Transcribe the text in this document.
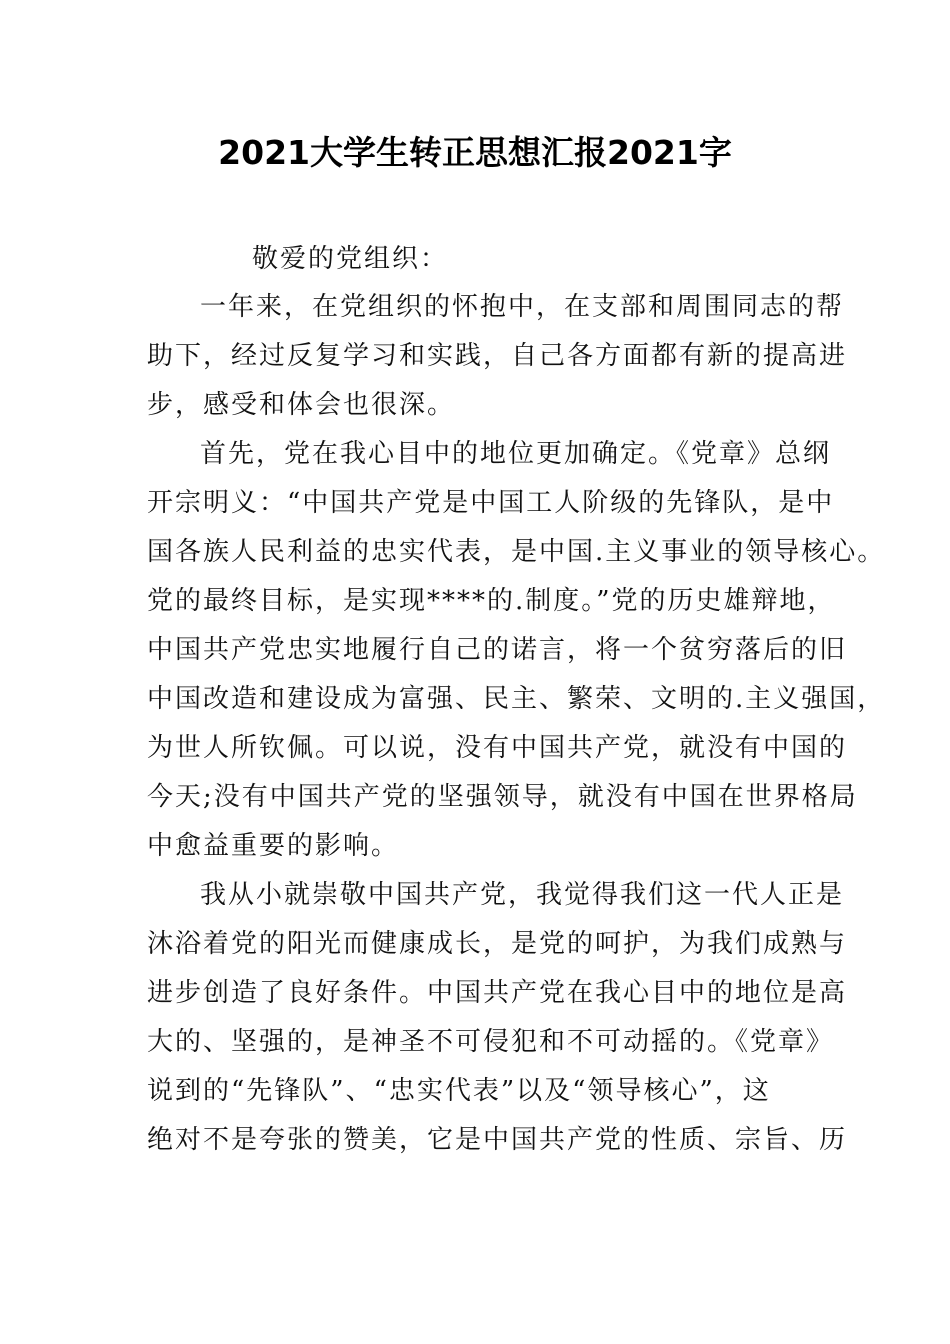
2021大学生转正思想汇报2021字
敬爱的党组织：
一年来，在党组织的怀抱中，在支部和周围同志的帮
助下，经过反复学习和实践，自己各方面都有新的提高进
步，感受和体会也很深。
首先，党在我心目中的地位更加确定。《党章》总纲
开宗明义：“中国共产党是中国工人阶级的先锋队，是中
国各族人民利益的忠实代表，是中国.主义事业的领导核心。
党的最终目标，是实现****的.制度。”党的历史雄辩地，
中国共产党忠实地履行自己的诺言，将一个贫穷落后的旧
中国改造和建设成为富强、民主、繁荣、文明的.主义强国，
为世人所钦佩。可以说，没有中国共产党，就没有中国的
今天;没有中国共产党的坚强领导，就没有中国在世界格局
中愈益重要的影响。
我从小就崇敬中国共产党，我觉得我们这一代人正是
沐浴着党的阳光而健康成长，是党的呵护，为我们成熟与
进步创造了良好条件。中国共产党在我心目中的地位是高
大的、坚强的，是神圣不可侵犯和不可动摇的。《党章》
说到的“先锋队”、“忠实代表”以及“领导核心”，这
绝对不是夸张的赞美，它是中国共产党的性质、宗旨、历
